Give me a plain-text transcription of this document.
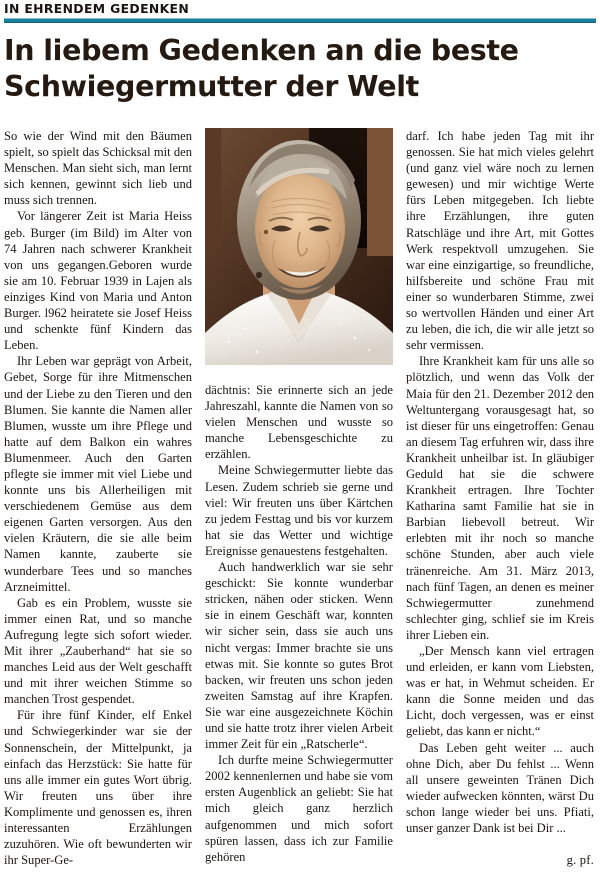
IN EHRENDEM GEDENKEN
In liebem Gedenken an die beste
Schwiegermutter der Welt

So wie der Wind mit den Bäumen spielt, so spielt das Schicksal mit den Menschen. Man sieht sich, man lernt sich kennen, gewinnt sich lieb und muss sich trennen.

Vor längerer Zeit ist Maria Heiss geb. Burger (im Bild) im Alter von 74 Jahren nach schwerer Krankheit von uns gegangen.Geboren wurde sie am 10. Februar 1939 in Lajen als einziges Kind von Maria und Anton Burger. l962 heiratete sie Josef Heiss und schenkte fünf Kindern das Leben.

Ihr Leben war geprägt von Arbeit, Gebet, Sorge für ihre Mitmenschen und der Liebe zu den Tieren und den Blumen. Sie kannte die Namen aller Blumen, wusste um ihre Pflege und hatte auf dem Balkon ein wahres Blumenmeer. Auch den Garten pflegte sie immer mit viel Liebe und konnte uns bis Allerheiligen mit verschiedenem Gemüse aus dem eigenen Garten versorgen. Aus den vielen Kräutern, die sie alle beim Namen kannte, zauberte sie wunderbare Tees und so manches Arzneimittel.

Gab es ein Problem, wusste sie immer einen Rat, und so manche Aufregung legte sich sofort wieder. Mit ihrer „Zauberhand“ hat sie so manches Leid aus der Welt geschafft und mit ihrer weichen Stimme so manchen Trost gespendet.

Für ihre fünf Kinder, elf Enkel und Schwiegerkinder war sie der Sonnenschein, der Mittelpunkt, ja einfach das Herzstück: Sie hatte für uns alle immer ein gutes Wort übrig. Wir freuten uns über ihre Komplimente und genossen es, ihren interessanten Erzählungen zuzuhören. Wie oft bewunderten wir ihr Super-Ge-

dächtnis: Sie erinnerte sich an jede Jahreszahl, kannte die Namen von so vielen Menschen und wusste so manche Lebensgeschichte zu erzählen.

Meine Schwiegermutter liebte das Lesen. Zudem schrieb sie gerne und viel: Wir freuten uns über Kärtchen zu jedem Festtag und bis vor kurzem hat sie das Wetter und wichtige Ereignisse genauestens festgehalten.

Auch handwerklich war sie sehr geschickt: Sie konnte wunderbar stricken, nähen oder sticken. Wenn sie in einem Geschäft war, konnten wir sicher sein, dass sie auch uns nicht vergas: Immer brachte sie uns etwas mit. Sie konnte so gutes Brot backen, wir freuten uns schon jeden zweiten Samstag auf ihre Krapfen. Sie war eine ausgezeichnete Köchin und sie hatte trotz ihrer vielen Arbeit immer Zeit für ein „Ratscherle“.

Ich durfte meine Schwiegermutter 2002 kennenlernen und habe sie vom ersten Augenblick an geliebt: Sie hat mich gleich ganz herzlich aufgenommen und mich sofort spüren lassen, dass ich zur Familie gehören

darf. Ich habe jeden Tag mit ihr genossen. Sie hat mich vieles gelehrt (und ganz viel wäre noch zu lernen gewesen) und mir wichtige Werte fürs Leben mitgegeben. Ich liebte ihre Erzählungen, ihre guten Ratschläge und ihre Art, mit Gottes Werk respektvoll umzugehen. Sie war eine einzigartige, so freundliche, hilfsbereite und schöne Frau mit einer so wunderbaren Stimme, zwei so wertvollen Händen und einer Art zu leben, die ich, die wir alle jetzt so sehr vermissen.

Ihre Krankheit kam für uns alle so plötzlich, und wenn das Volk der Maia für den 21. Dezember 2012 den Weltuntergang vorausgesagt hat, so ist dieser für uns eingetroffen: Genau an diesem Tag erfuhren wir, dass ihre Krankheit unheilbar ist. In gläubiger Geduld hat sie die schwere Krankheit ertragen. Ihre Tochter Katharina samt Familie hat sie in Barbian liebevoll betreut. Wir erlebten mit ihr noch so manche schöne Stunden, aber auch viele tränenreiche. Am 31. März 2013, nach fünf Tagen, an denen es meiner Schwiegermutter zunehmend schlechter ging, schlief sie im Kreis ihrer Lieben ein.

„Der Mensch kann viel ertragen und erleiden, er kann vom Liebsten, was er hat, in Wehmut scheiden. Er kann die Sonne meiden und das Licht, doch vergessen, was er einst geliebt, das kann er nicht.“

Das Leben geht weiter ... auch ohne Dich, aber Du fehlst ... Wenn all unsere geweinten Tränen Dich wieder aufwecken könnten, wärst Du schon lange wieder bei uns. Pfiati, unser ganzer Dank ist bei Dir ...

g. pf.
